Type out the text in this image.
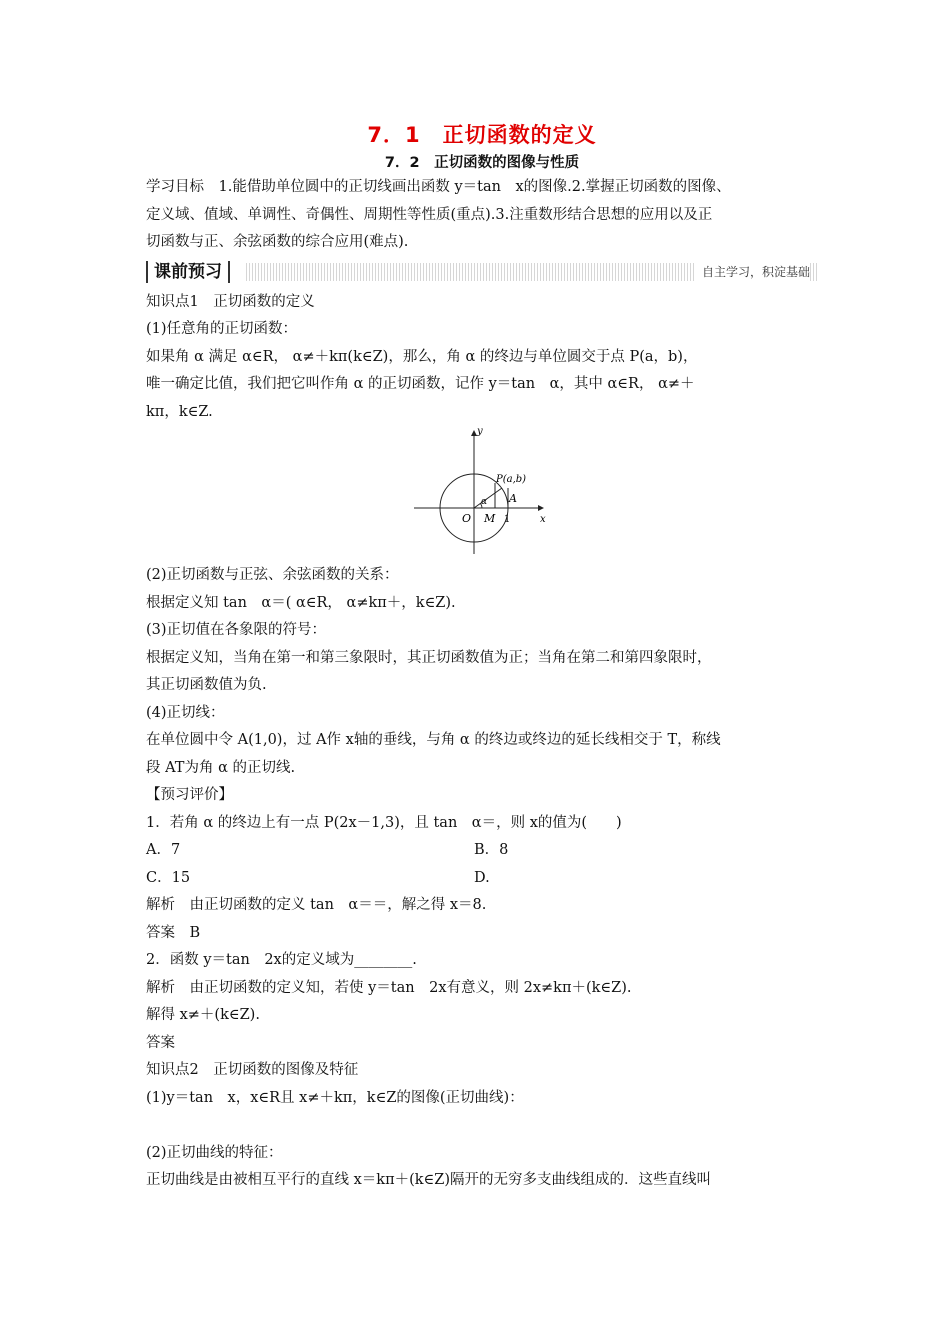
7．1　正切函数的定义
7．2　正切函数的图像与性质
学习目标　1.能借助单位圆中的正切线画出函数 y＝tan　x的图像.2.掌握正切函数的图像、
定义域、值域、单调性、奇偶性、周期性等性质(重点).3.注重数形结合思想的应用以及正
切函数与正、余弦函数的综合应用(难点).
课前预习	自主学习，积淀基础
知识点1　正切函数的定义
(1)任意角的正切函数：
如果角 α 满足 α∈R， α≠＋kπ(k∈Z)，那么，角 α 的终边与单位圆交于点 P(a，b)，
唯一确定比值，我们把它叫作角 α 的正切函数，记作 y＝tan　α，其中 α∈R， α≠＋
kπ，k∈Z.
y
x
O M 1
A
P(a,b)
α
(2)正切函数与正弦、余弦函数的关系：
根据定义知 tan　α＝( α∈R， α≠kπ＋，k∈Z).
(3)正切值在各象限的符号：
根据定义知，当角在第一和第三象限时，其正切函数值为正；当角在第二和第四象限时，
其正切函数值为负.
(4)正切线：
在单位圆中令 A(1,0)，过 A作 x轴的垂线，与角 α 的终边或终边的延长线相交于 T，称线
段 AT为角 α 的正切线.
【预习评价】
1．若角 α 的终边上有一点 P(2x－1,3)，且 tan　α＝，则 x的值为(　　)
A．7	B．8
C．15	D.
解析　由正切函数的定义 tan　α＝＝，解之得 x＝8.
答案　B
2．函数 y＝tan　2x的定义域为________.
解析　由正切函数的定义知，若使 y＝tan　2x有意义，则 2x≠kπ＋(k∈Z).
解得 x≠＋(k∈Z).
答案
知识点2　正切函数的图像及特征
(1)y＝tan　x，x∈R且 x≠＋kπ，k∈Z的图像(正切曲线)：
(2)正切曲线的特征：
正切曲线是由被相互平行的直线 x＝kπ＋(k∈Z)隔开的无穷多支曲线组成的．这些直线叫
